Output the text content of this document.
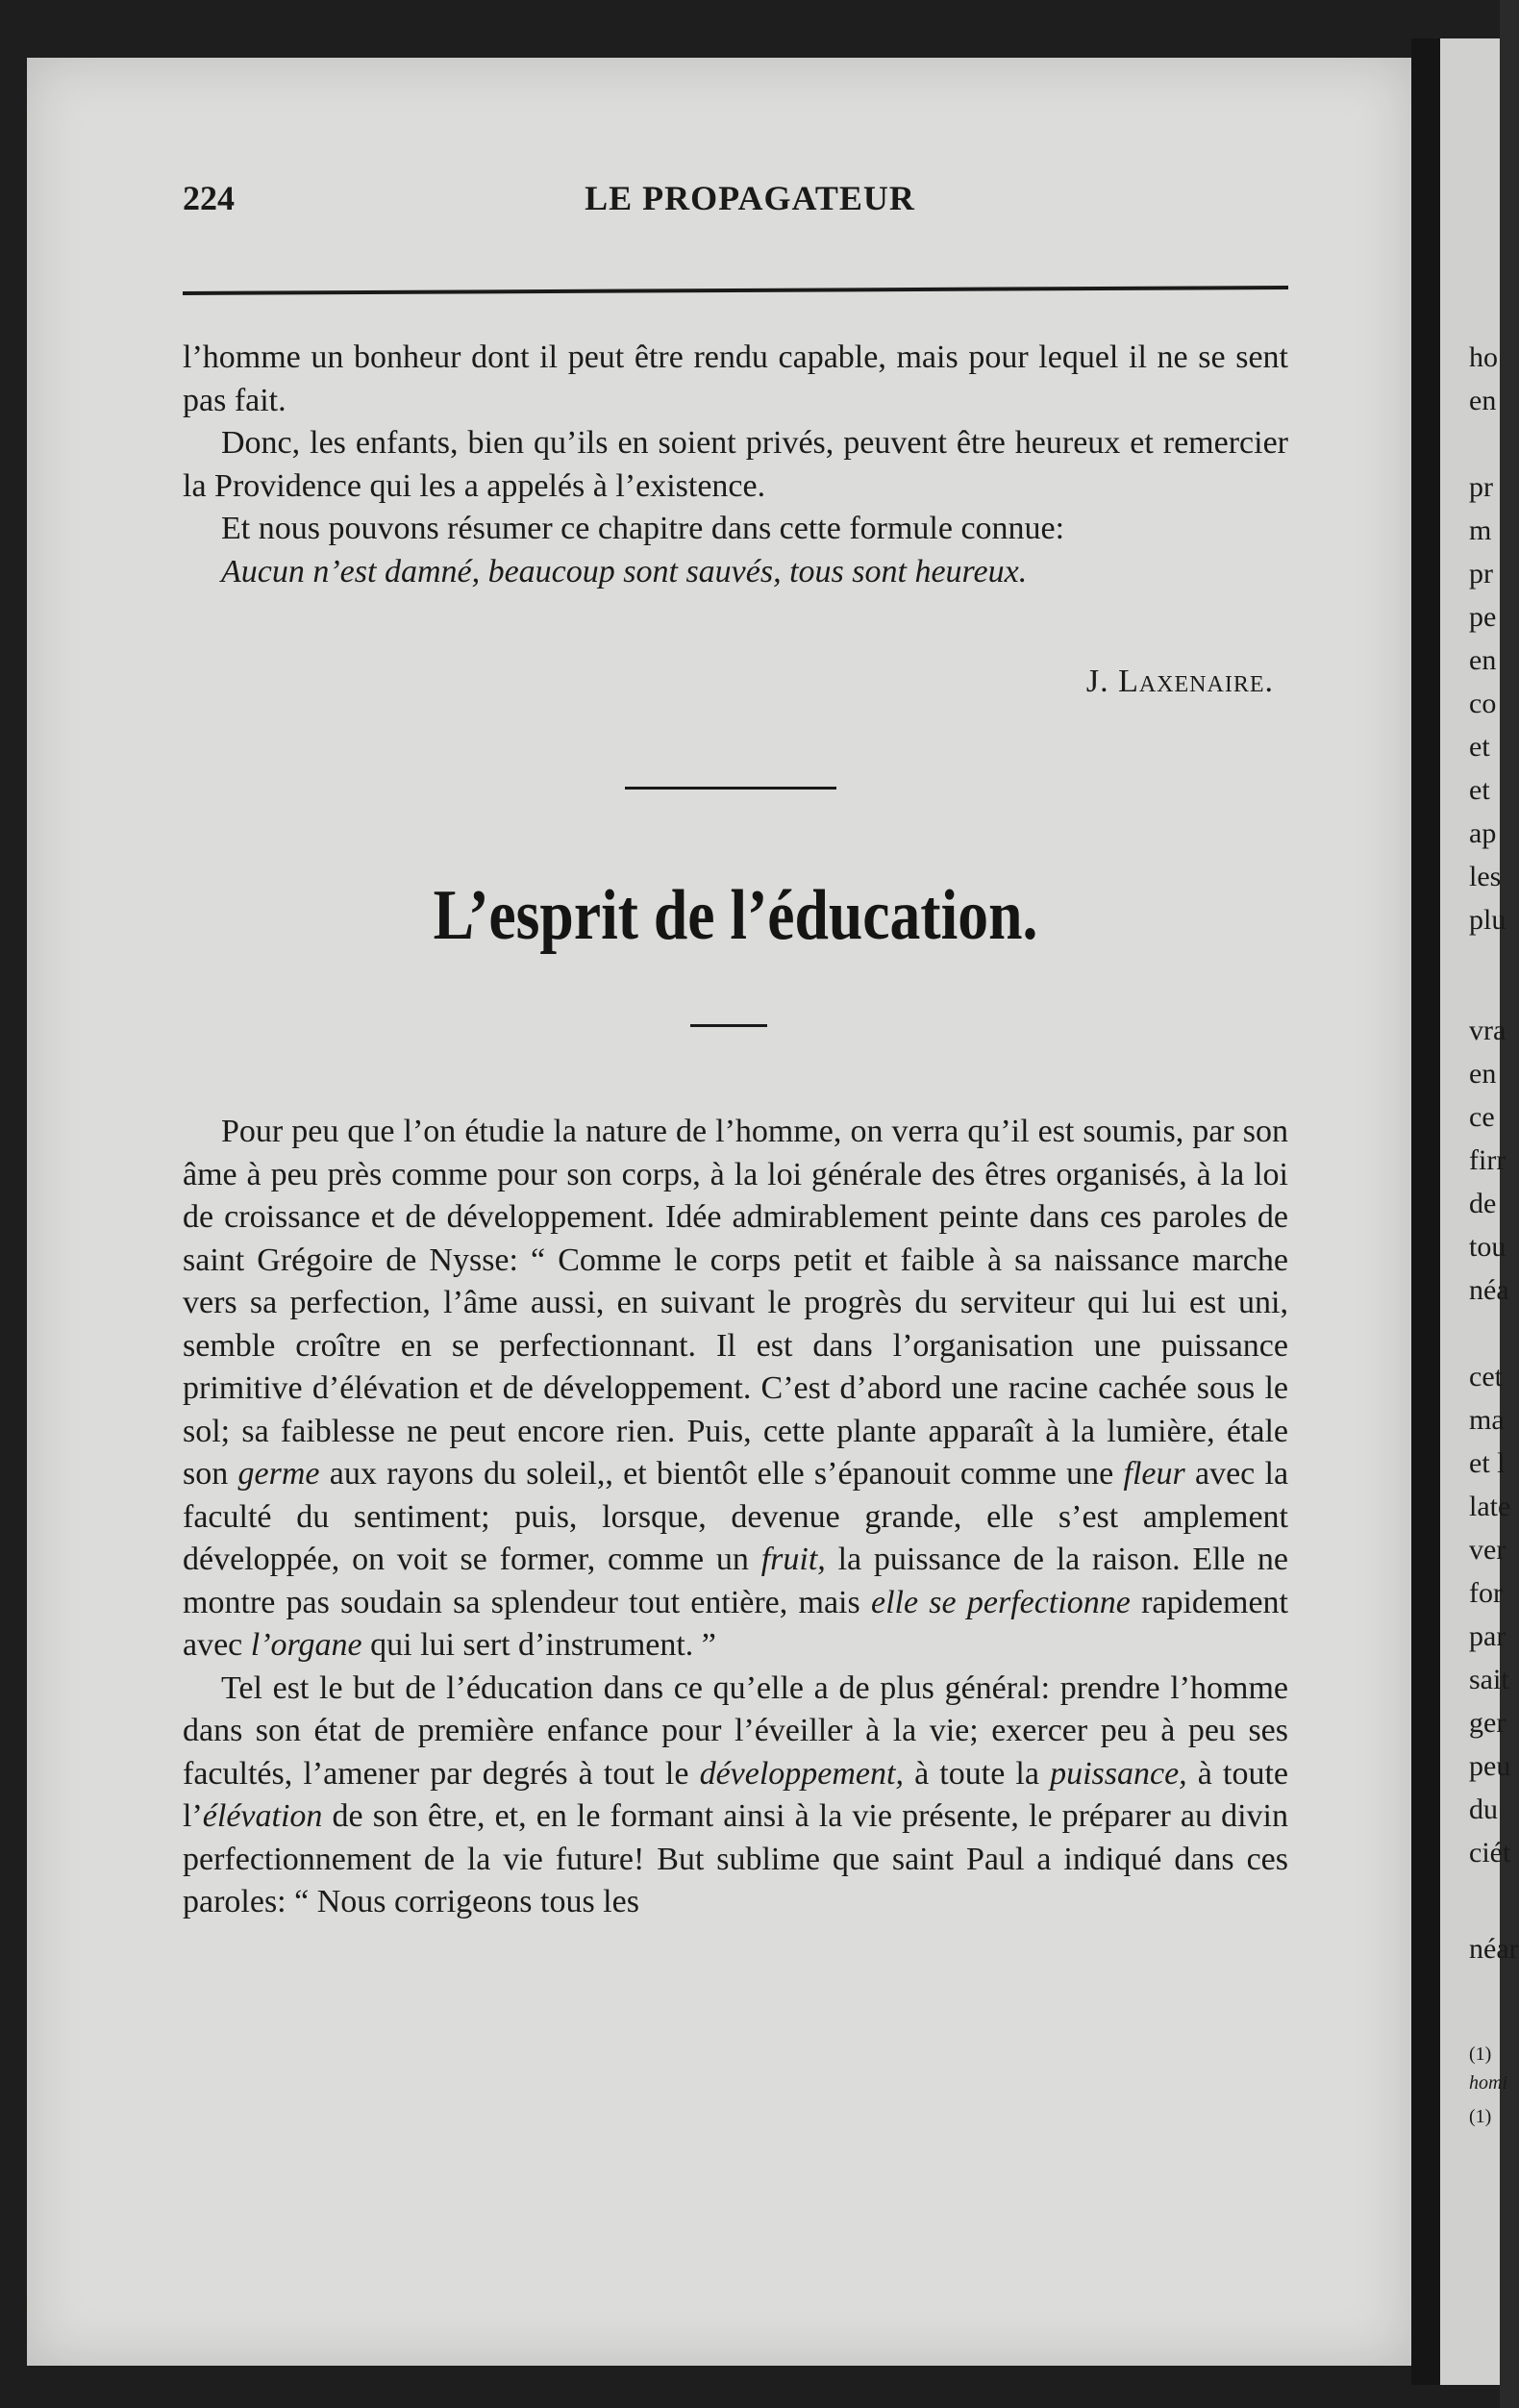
ho
en
pr
m
pr
pe
en
co
et
et
ap
les
plu
vra
en
ce
firr
de
tou
néa
cet
ma
et l
late
ver
for
par
sait
ger
peu
du
ciét
néar
(1)
homi
(1)
224	LE PROPAGATEUR

l’homme un bonheur dont il peut être rendu capable, mais pour lequel il ne se sent pas fait.

Donc, les enfants, bien qu’ils en soient privés, peuvent être heureux et remercier la Providence qui les a appelés à l’existence.

Et nous pouvons résumer ce chapitre dans cette formule connue:

Aucun n’est damné, beaucoup sont sauvés, tous sont heureux.

J. Laxenaire.
L’esprit de l’éducation.

Pour peu que l’on étudie la nature de l’homme, on verra qu’il est soumis, par son âme à peu près comme pour son corps, à la loi générale des êtres organisés, à la loi de croissance et de développement. Idée admirablement peinte dans ces paroles de saint Grégoire de Nysse: “ Comme le corps petit et faible à sa naissance marche vers sa perfection, l’âme aussi, en suivant le progrès du serviteur qui lui est uni, semble croître en se perfectionnant. Il est dans l’organisation une puissance primitive d’élévation et de développement. C’est d’abord une racine cachée sous le sol; sa faiblesse ne peut encore rien. Puis, cette plante apparaît à la lumière, étale son germe aux rayons du soleil,, et bientôt elle s’épanouit comme une fleur avec la faculté du sentiment; puis, lorsque, devenue grande, elle s’est amplement développée, on voit se former, comme un fruit, la puissance de la raison. Elle ne montre pas soudain sa splendeur tout entière, mais elle se perfectionne rapidement avec l’organe qui lui sert d’instrument. ”

Tel est le but de l’éducation dans ce qu’elle a de plus général: prendre l’homme dans son état de première enfance pour l’éveiller à la vie; exercer peu à peu ses facultés, l’amener par degrés à tout le développement, à toute la puissance, à toute l’élévation de son être, et, en le formant ainsi à la vie présente, le préparer au divin perfectionnement de la vie future! But sublime que saint Paul a indiqué dans ces paroles: “ Nous corrigeons tous les
